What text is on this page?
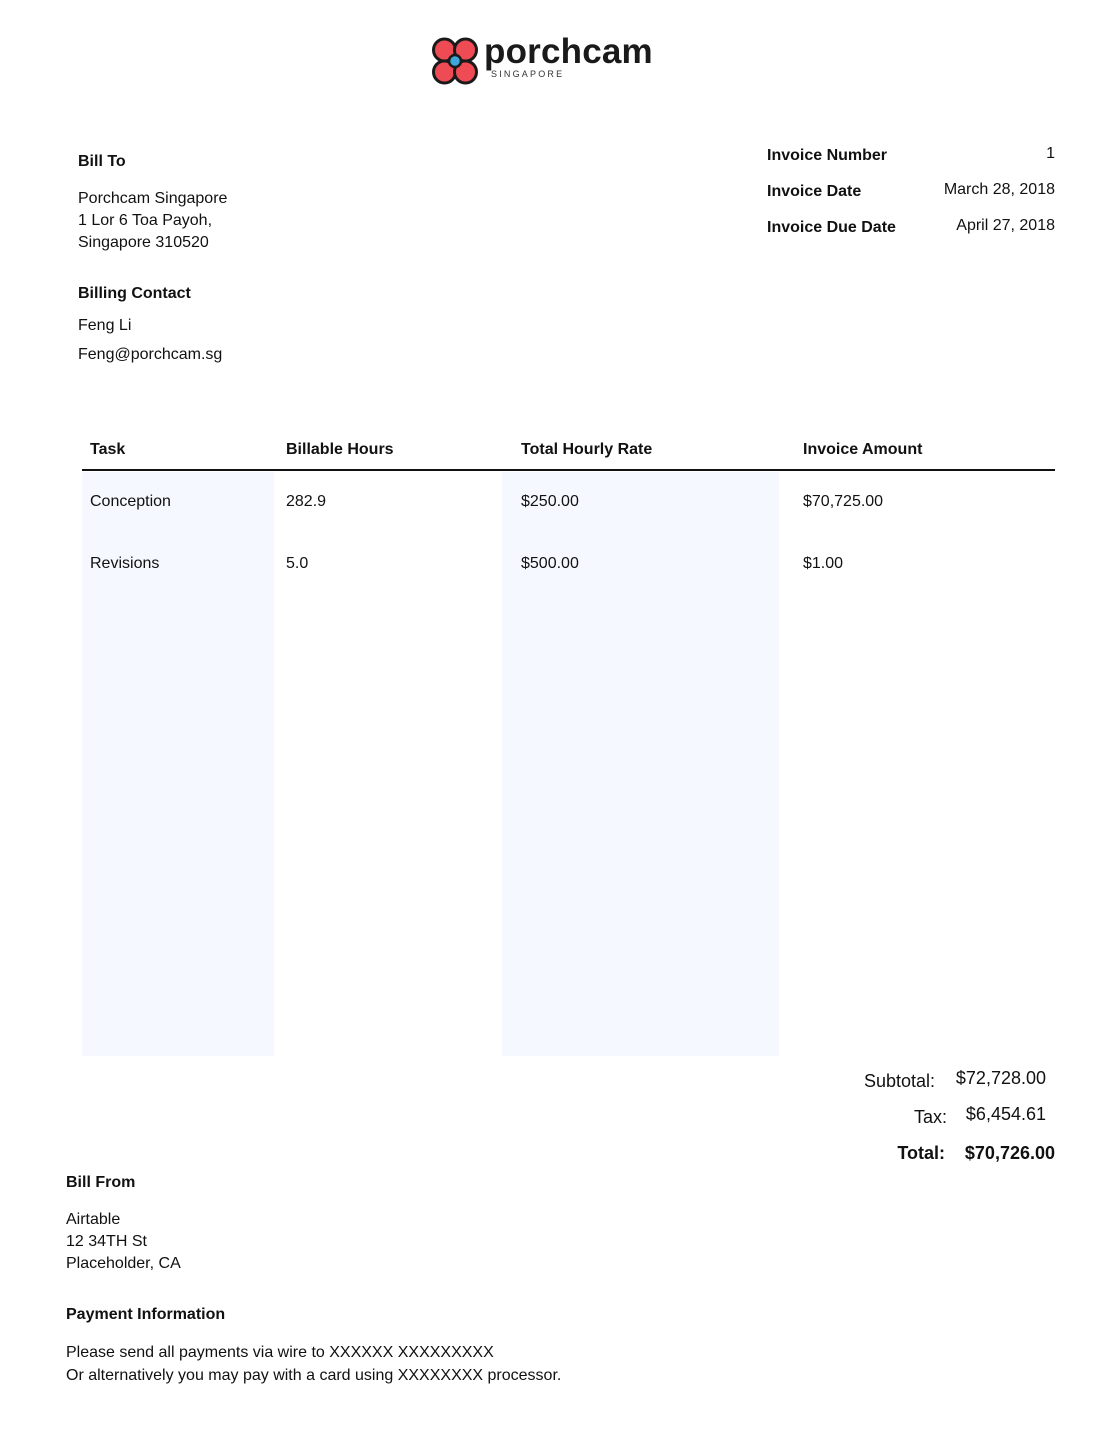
porchcam
SINGAPORE
Bill To
Porchcam Singapore
1 Lor 6 Toa Payoh,
Singapore 310520
Billing Contact
Feng Li
Feng@porchcam.sg
Invoice Number	1
Invoice Date	March 28, 2018
Invoice Due Date	April 27, 2018
Task	Billable Hours	Total Hourly Rate	Invoice Amount
Conception	282.9	$250.00	$70,725.00
Revisions	5.0	$500.00	$1.00
Subtotal: $72,728.00
Tax: $6,454.61
Total: $70,726.00
Bill From
Airtable
12 34TH St
Placeholder, CA
Payment Information
Please send all payments via wire to XXXXXX XXXXXXXXX
Or alternatively you may pay with a card using XXXXXXXX processor.
